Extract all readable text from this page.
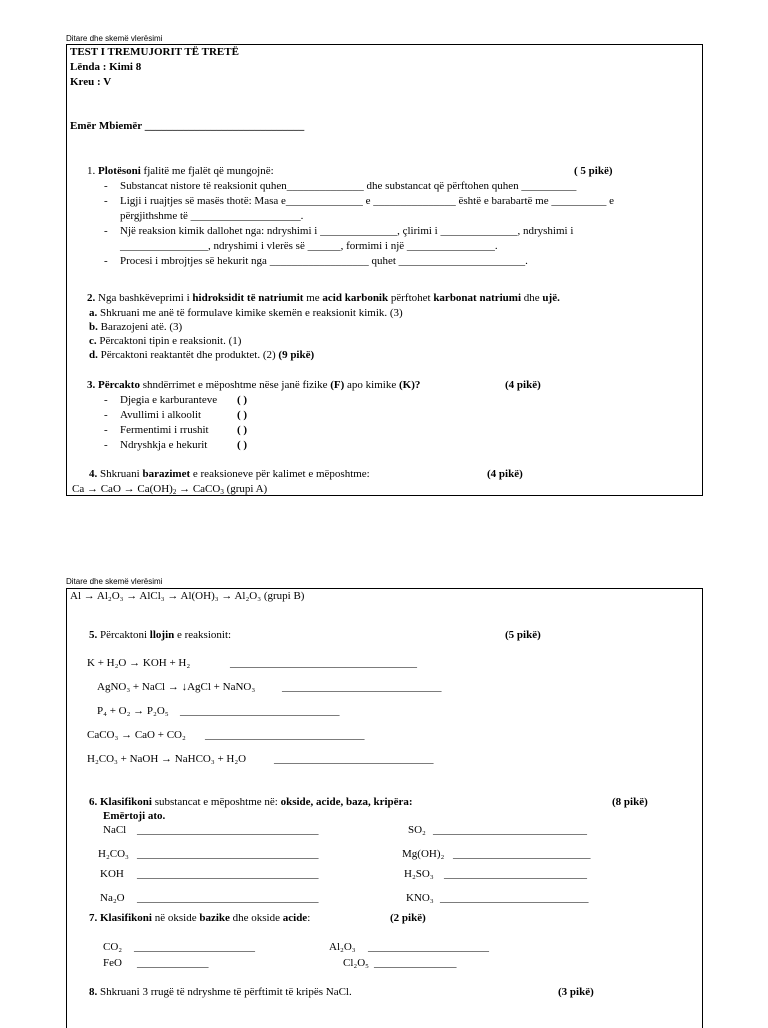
Ditare dhe skemë vlerësimi
TEST I TREMUJORIT TË TRETË
Lënda : Kimi 8
Kreu : V
Emër Mbiemër _____________________________
1. Plotësoni fjalitë me fjalët që mungojnë:	( 5 pikë)
- Substancat nistore të reaksionit quhen______________ dhe substancat që përftohen quhen __________
- Ligji i ruajtjes së masës thotë: Masa e______________ e _______________ është e barabartë me __________ e
përgjithshme të ____________________.
- Një reaksion kimik dallohet nga: ndryshimi i ______________, çlirimi i ______________, ndryshimi i
________________, ndryshimi i vlerës së ______, formimi i një ________________.
- Procesi i mbrojtjes së hekurit nga __________________ quhet _______________________.
2. Nga bashkëveprimi i hidroksidit të natriumit me acid karbonik përftohet karbonat natriumi dhe ujë.
a. Shkruani me anë të formulave kimike skemën e reaksionit kimik. (3)
b. Barazojeni atë. (3)
c. Përcaktoni tipin e reaksionit. (1)
d. Përcaktoni reaktantët dhe produktet. (2) (9 pikë)
3. Përcakto shndërrimet e mëposhtme nëse janë fizike (F) apo kimike (K)?	(4 pikë)
- Djegia e karburanteve ( )
- Avullimi i alkoolit	( )
- Fermentimi i rrushit	( )
- Ndryshkja e hekurit	( )
4. Shkruani barazimet e reaksioneve për kalimet e mëposhtme:	(4 pikë)
Ca → CaO → $Ca(OH)_2$ → CaCO$_3$ (grupi A)
Ditare dhe skemë vlerësimi
Al → Al₂O₃ → AlCl₃ → Al(OH)₃ → Al₂O₃ (grupi B)
5. Përcaktoni llojin e reaksionit:	(5 pikë)
K + H₂O → KOH + H₂	__________________________________
AgNO₃ + NaCl → ↓AgCl + NaNO₃ _____________________________
P₄ + O₂ → P₂O₅ _____________________________
CaCO₃ → CaO + CO₂ _____________________________
H₂CO₃ + NaOH → NaHCO₃ + H₂O	_____________________________
6. Klasifikoni substancat e mëposhtme në: okside, acide, baza, kripëra:	(8 pikë)
Emërtoji ato.
NaCl _________________________________	SO₂ ____________________________
H₂CO₃ _________________________________	Mg(OH)₂ _________________________
KOH _________________________________	H₂SO₃ __________________________
Na₂O _________________________________	KNO₃ ___________________________
7. Klasifikoni në okside bazike dhe okside acide:	(2 pikë)
CO₂ ______________________	Al₂O₃ ______________________
FeO _____________	Cl₂O₅ _______________
8. Shkruani 3 rrugë të ndryshme të përftimit të kripës NaCl.	(3 pikë)
